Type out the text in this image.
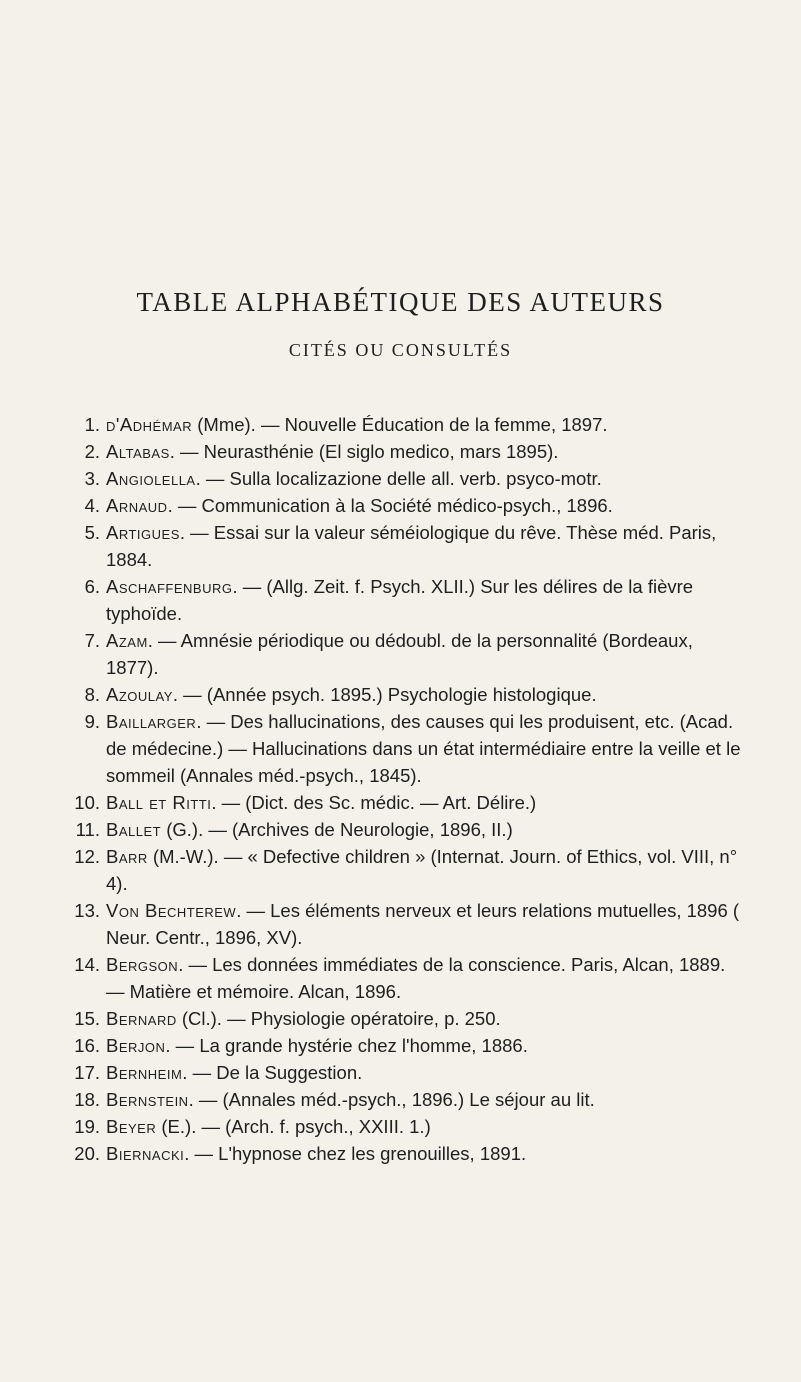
TABLE ALPHABÉTIQUE DES AUTEURS
CITÉS OU CONSULTÉS
1. d'Adhémar (Mme). — Nouvelle Éducation de la femme, 1897.
2. Altabas. — Neurasthénie (El siglo medico, mars 1895).
3. Angiolella. — Sulla localizazione delle all. verb. psyco-motr.
4. Arnaud. — Communication à la Société médico-psych., 1896.
5. Artigues. — Essai sur la valeur séméiologique du rêve. Thèse méd. Paris, 1884.
6. Aschaffenburg. — (Allg. Zeit. f. Psych. XLII.) Sur les délires de la fièvre typhoïde.
7. Azam. — Amnésie périodique ou dédoubl. de la personnalité (Bordeaux, 1877).
8. Azoulay. — (Année psych. 1895.) Psychologie histologique.
9. Baillarger. — Des hallucinations, des causes qui les produisent, etc. (Acad. de médecine.) — Hallucinations dans un état intermédiaire entre la veille et le sommeil (Annales méd.-psych., 1845).
10. Ball et Ritti. — (Dict. des Sc. médic. — Art. Délire.)
11. Ballet (G.). — (Archives de Neurologie, 1896, II.)
12. Barr (M.-W.). — « Defective children » (Internat. Journ. of Ethics, vol. VIII, n° 4).
13. Von Bechterew. — Les éléments nerveux et leurs relations mutuelles, 1896 ( Neur. Centr., 1896, XV).
14. Bergson. — Les données immédiates de la conscience. Paris, Alcan, 1889. — Matière et mémoire. Alcan, 1896.
15. Bernard (Cl.). — Physiologie opératoire, p. 250.
16. Berjon. — La grande hystérie chez l'homme, 1886.
17. Bernheim. — De la Suggestion.
18. Bernstein. — (Annales méd.-psych., 1896.) Le séjour au lit.
19. Beyer (E.). — (Arch. f. psych., XXIII. 1.)
20. Biernacki. — L'hypnose chez les grenouilles, 1891.
